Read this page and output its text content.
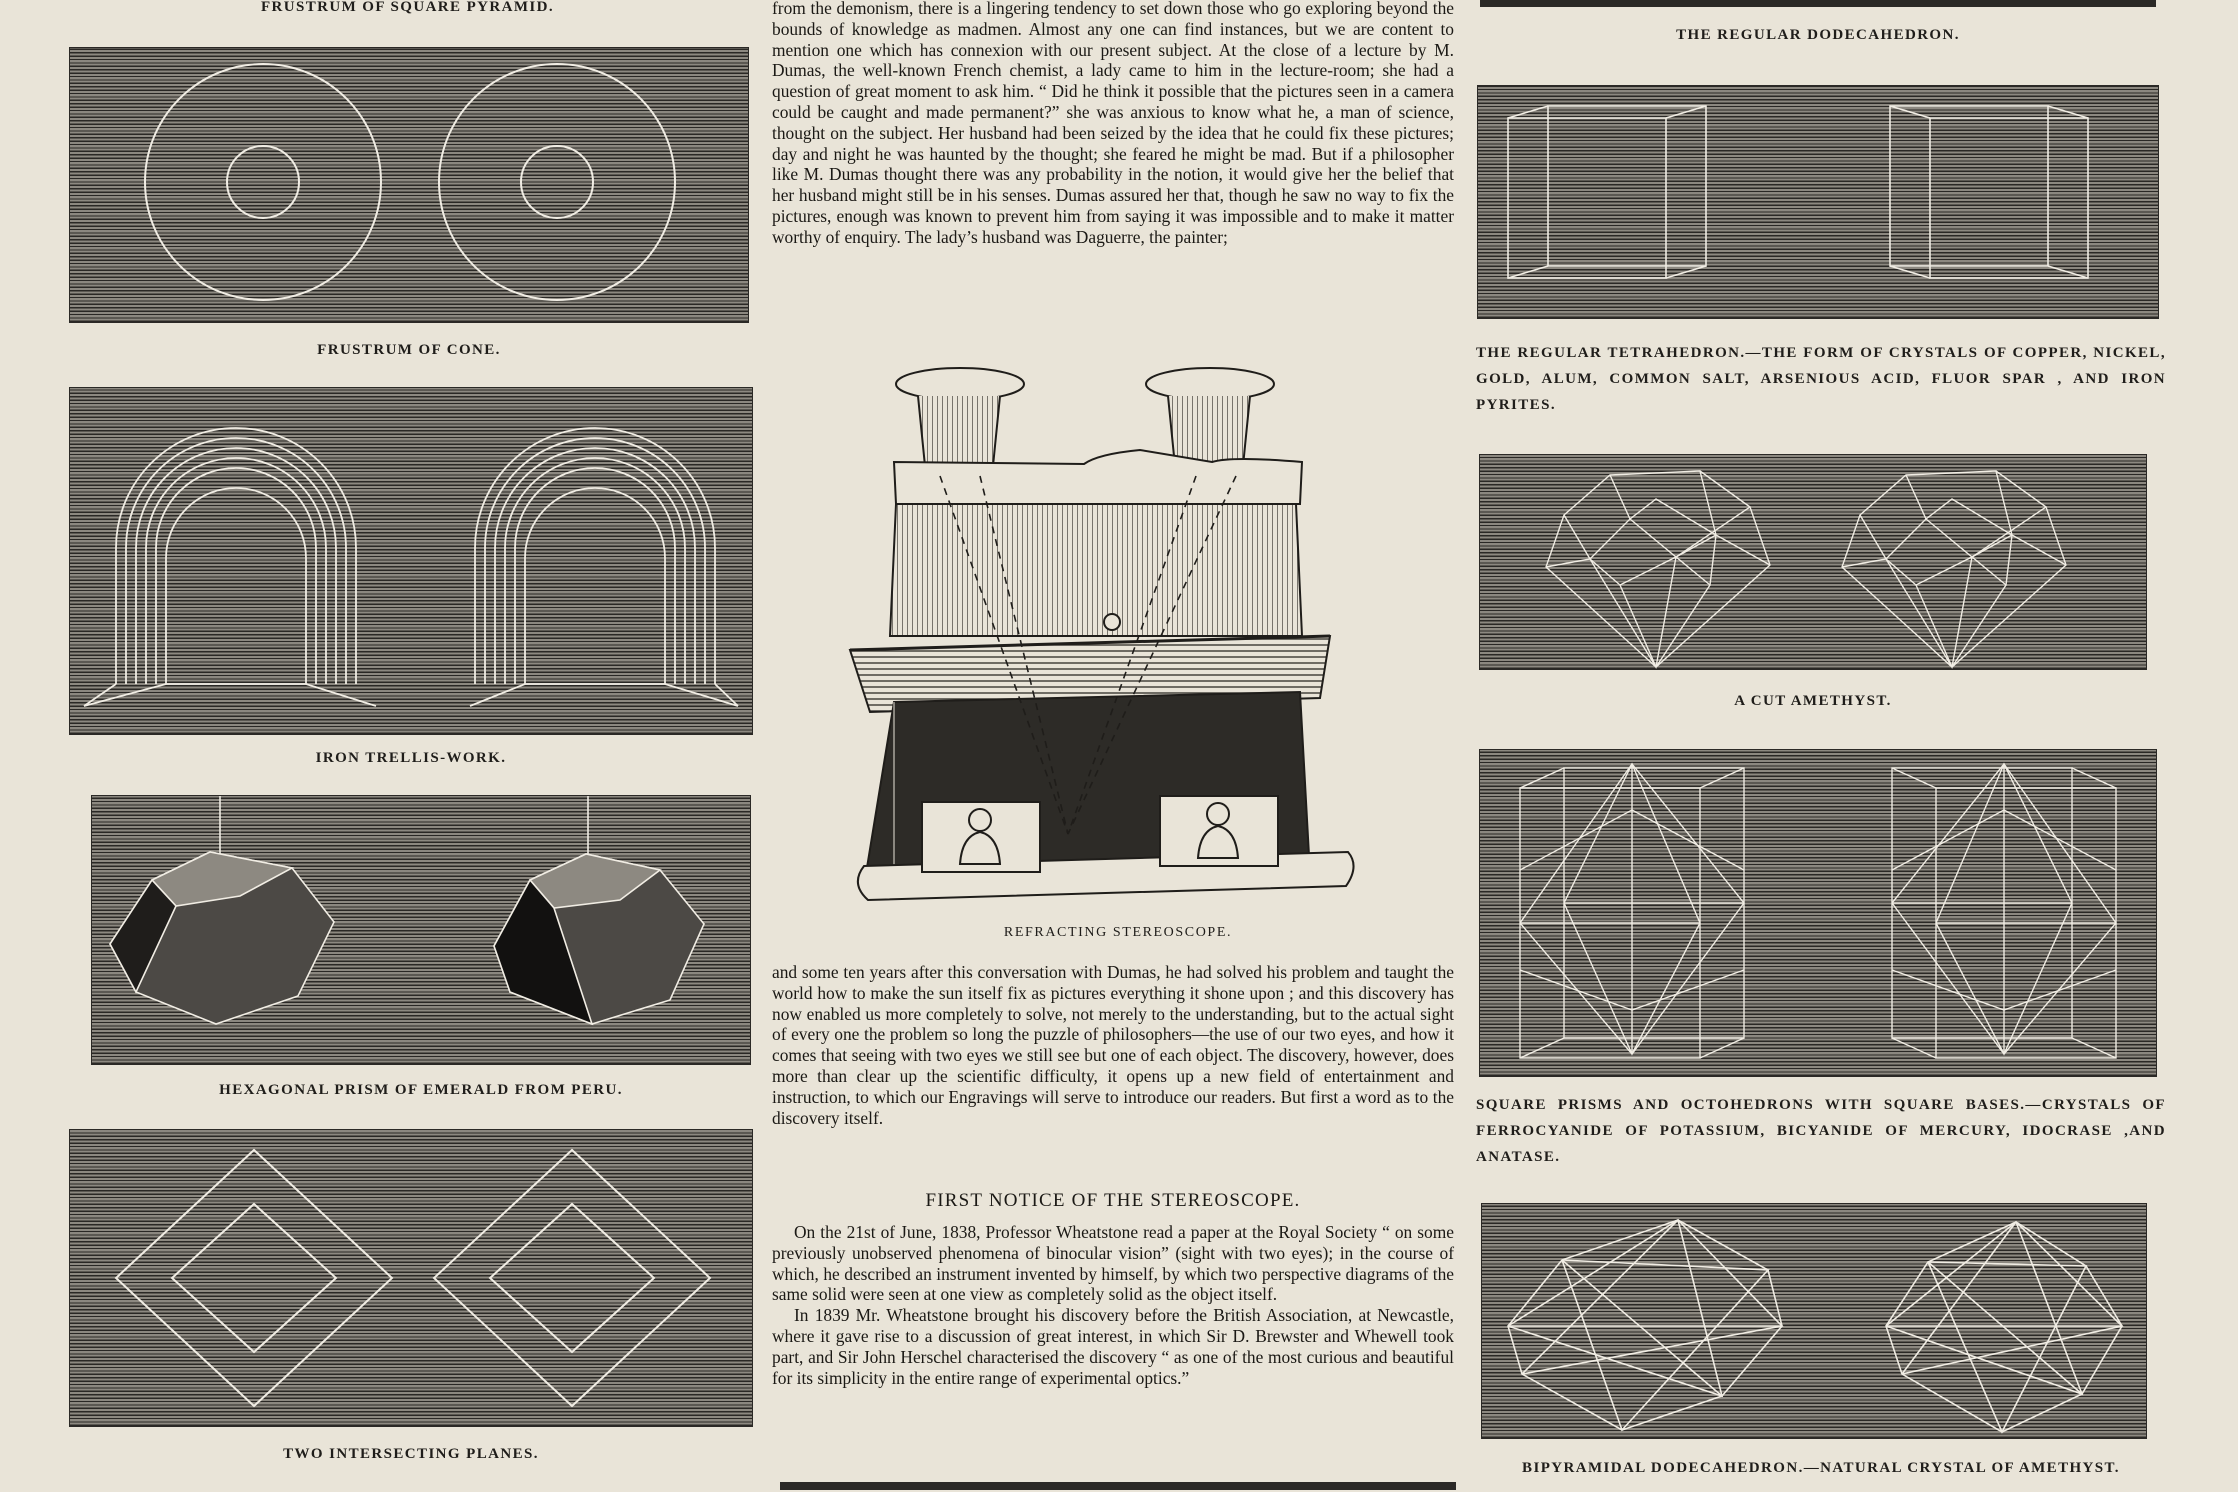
FRUSTRUM OF SQUARE PYRAMID.
FRUSTRUM OF CONE.
IRON TRELLIS-WORK.
HEXAGONAL PRISM OF EMERALD FROM PERU.
TWO INTERSECTING PLANES.

from the demonism, there is a lingering tendency to set down those who go exploring beyond the bounds of knowledge as madmen. Almost any one can find instances, but we are content to mention one which has connexion with our present subject. At the close of a lecture by M. Dumas, the well-known French chemist, a lady came to him in the lecture-room; she had a question of great moment to ask him. “ Did he think it possible that the pictures seen in a camera could be caught and made permanent?” she was anxious to know what he, a man of science, thought on the subject. Her husband had been seized by the idea that he could fix these pictures; day and night he was haunted by the thought; she feared he might be mad. But if a philosopher like M. Dumas thought there was any probability in the notion, it would give her the belief that her husband might still be in his senses. Dumas assured her that, though he saw no way to fix the pictures, enough was known to prevent him from saying it was impossible and to make it matter worthy of enquiry. The lady’s husband was Daguerre, the painter;

REFRACTING STEREOSCOPE.

and some ten years after this conversation with Dumas, he had solved his problem and taught the world how to make the sun itself fix as pictures everything it shone upon ; and this discovery has now enabled us more completely to solve, not merely to the understanding, but to the actual sight of every one the problem so long the puzzle of philosophers—the use of our two eyes, and how it comes that seeing with two eyes we still see but one of each object. The discovery, however, does more than clear up the scientific difficulty, it opens up a new field of entertainment and instruction, to which our Engravings will serve to introduce our readers. But first a word as to the discovery itself.

FIRST NOTICE OF THE STEREOSCOPE.

On the 21st of June, 1838, Professor Wheatstone read a paper at the Royal Society “ on some previously unobserved phenomena of binocular vision” (sight with two eyes); in the course of which, he described an instrument invented by himself, by which two perspective diagrams of the same solid were seen at one view as completely solid as the object itself.

In 1839 Mr. Wheatstone brought his discovery before the British Association, at Newcastle, where it gave rise to a discussion of great interest, in which Sir D. Brewster and Whewell took part, and Sir John Herschel characterised the discovery “ as one of the most curious and beautiful for its simplicity in the entire range of experimental optics.”

THE REGULAR DODECAHEDRON.
THE REGULAR TETRAHEDRON.—THE FORM OF CRYSTALS OF COPPER, NICKEL, GOLD, ALUM, COMMON SALT, ARSENIOUS ACID, FLUOR SPAR , AND IRON PYRITES.
A CUT AMETHYST.
SQUARE PRISMS AND OCTOHEDRONS WITH SQUARE BASES.—CRYSTALS OF FERROCYANIDE OF POTASSIUM, BICYANIDE OF MERCURY, IDOCRASE ,AND ANATASE.
BIPYRAMIDAL DODECAHEDRON.—NATURAL CRYSTAL OF AMETHYST.
